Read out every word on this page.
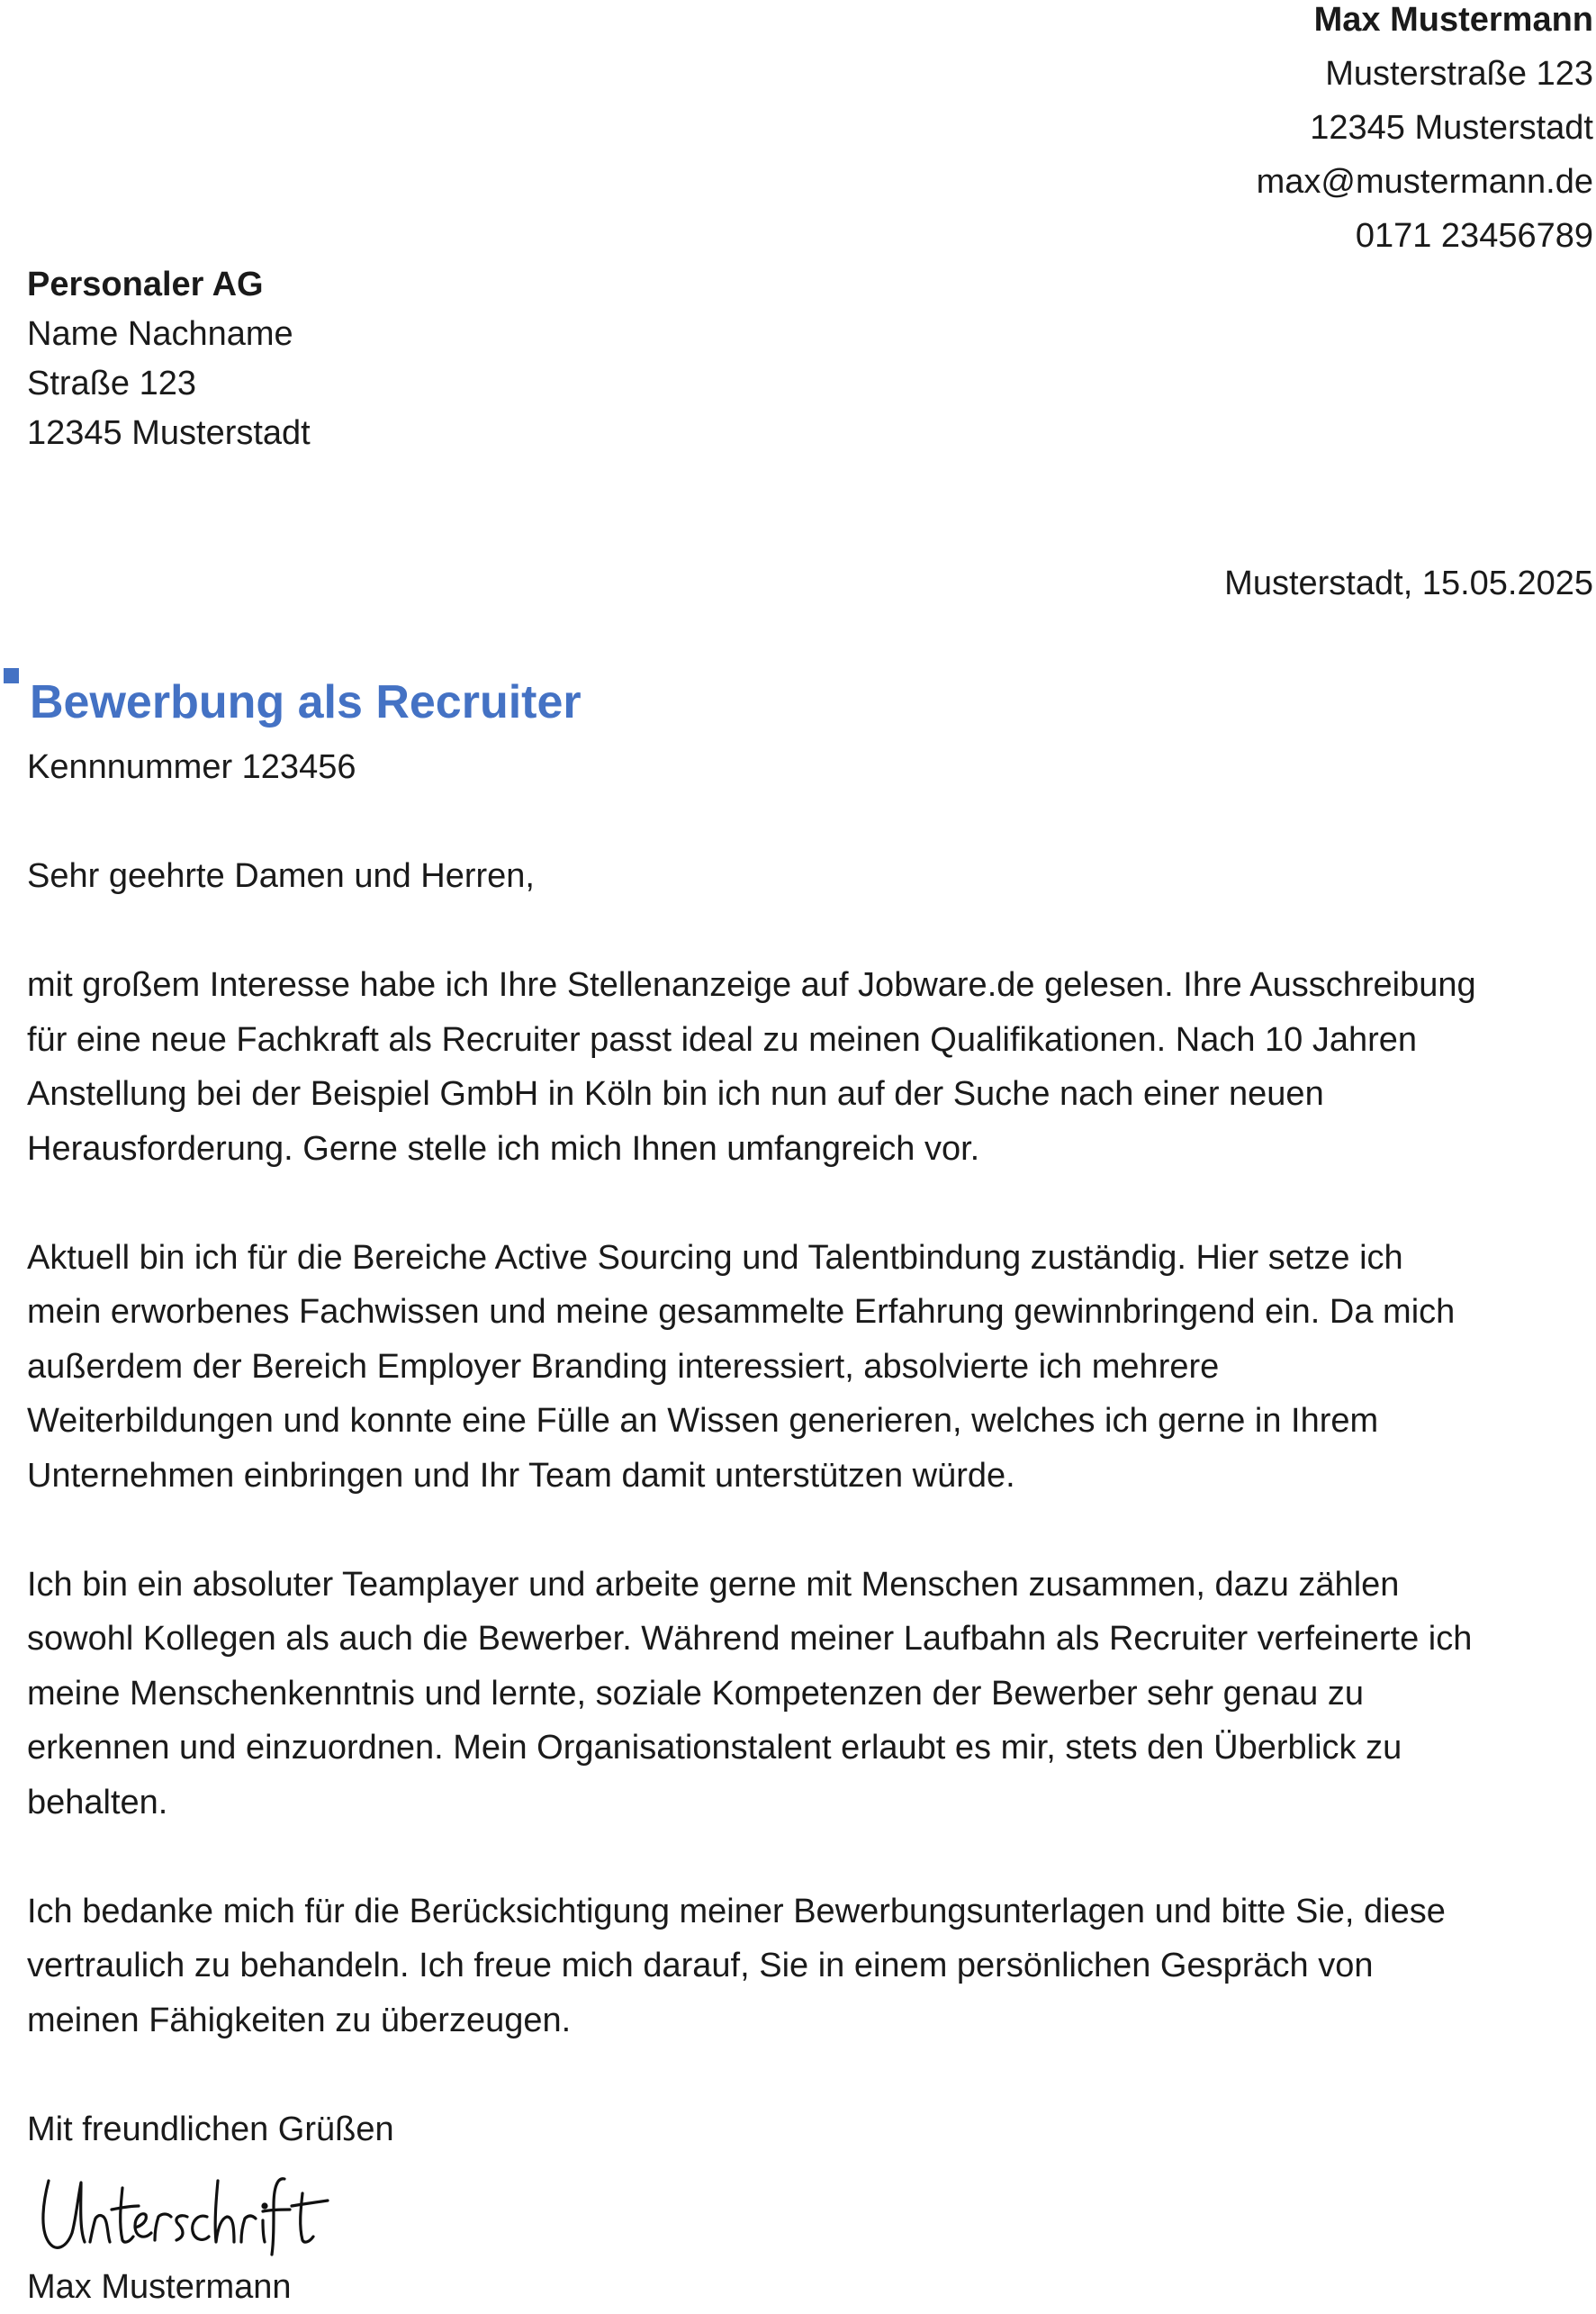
Max Mustermann
Musterstraße 123
12345 Musterstadt
max@mustermann.de
0171 23456789
Personaler AG
Name Nachname
Straße 123
12345 Musterstadt
Musterstadt, 15.05.2025
Bewerbung als Recruiter
Kennnummer 123456

Sehr geehrte Damen und Herren,

mit großem Interesse habe ich Ihre Stellenanzeige auf Jobware.de gelesen. Ihre Ausschreibung

für eine neue Fachkraft als Recruiter passt ideal zu meinen Qualifikationen. Nach 10 Jahren

Anstellung bei der Beispiel GmbH in Köln bin ich nun auf der Suche nach einer neuen

Herausforderung. Gerne stelle ich mich Ihnen umfangreich vor.

Aktuell bin ich für die Bereiche Active Sourcing und Talentbindung zuständig. Hier setze ich

mein erworbenes Fachwissen und meine gesammelte Erfahrung gewinnbringend ein. Da mich

außerdem der Bereich Employer Branding interessiert, absolvierte ich mehrere

Weiterbildungen und konnte eine Fülle an Wissen generieren, welches ich gerne in Ihrem

Unternehmen einbringen und Ihr Team damit unterstützen würde.

Ich bin ein absoluter Teamplayer und arbeite gerne mit Menschen zusammen, dazu zählen

sowohl Kollegen als auch die Bewerber. Während meiner Laufbahn als Recruiter verfeinerte ich

meine Menschenkenntnis und lernte, soziale Kompetenzen der Bewerber sehr genau zu

erkennen und einzuordnen. Mein Organisationstalent erlaubt es mir, stets den Überblick zu

behalten.

Ich bedanke mich für die Berücksichtigung meiner Bewerbungsunterlagen und bitte Sie, diese

vertraulich zu behandeln. Ich freue mich darauf, Sie in einem persönlichen Gespräch von

meinen Fähigkeiten zu überzeugen.

Mit freundlichen Grüßen

Max Mustermann
